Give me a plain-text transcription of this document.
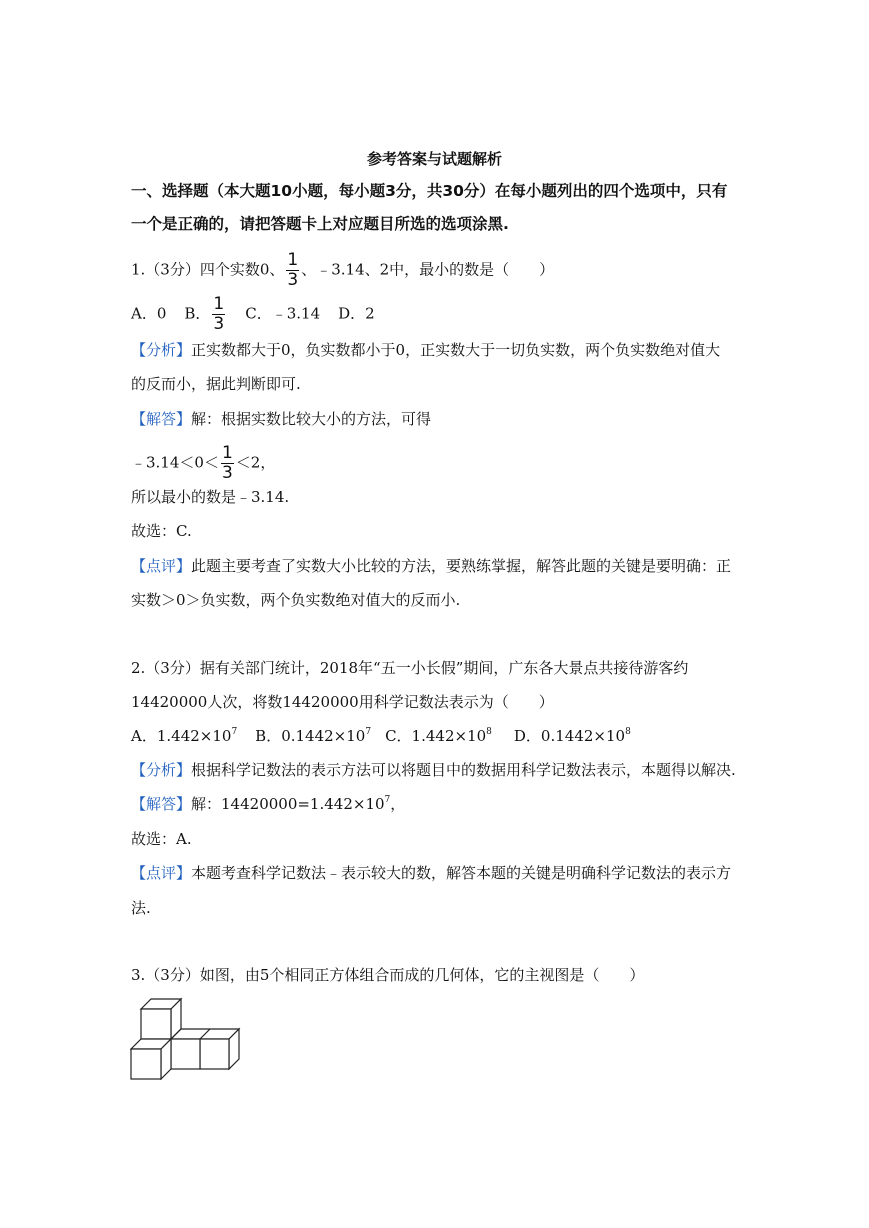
参考答案与试题解析
一、选择题（本大题10小题，每小题3分，共30分）在每小题列出的四个选项中，只有
一个是正确的，请把答题卡上对应题目所选的选项涂黑.
1.（3分）四个实数0、 $\frac{1}{3}$ 、﹣3.14、2中，最小的数是（　　）
A．0 B． $\frac{1}{3}$ C．﹣3.14 D．2
【分析】正实数都大于0，负实数都小于0，正实数大于一切负实数，两个负实数绝对值大
的反而小，据此判断即可.
【解答】解：根据实数比较大小的方法，可得
﹣3.14＜0＜ $\frac{1}{3} <2$，
所以最小的数是﹣3.14.
故选：C.
【点评】此题主要考查了实数大小比较的方法，要熟练掌握，解答此题的关键是要明确：正
实数＞0＞负实数，两个负实数绝对值大的反而小.
2.（3分）据有关部门统计，2018年“五一小长假”期间，广东各大景点共接待游客约
14420000人次，将数14420000用科学记数法表示为（　　）
A．$1.442\times 10^7$ B．$0.1442\times 10^7$ C．$1.442\times 10^8$ D．$0.1442\times 10^8$
【分析】根据科学记数法的表示方法可以将题目中的数据用科学记数法表示，本题得以解决.
【解答】解：$14420000=1.442\times 10^7$，
故选：A.
【点评】本题考查科学记数法﹣表示较大的数，解答本题的关键是明确科学记数法的表示方
法.
3.（3分）如图，由5个相同正方体组合而成的几何体，它的主视图是（　　）
